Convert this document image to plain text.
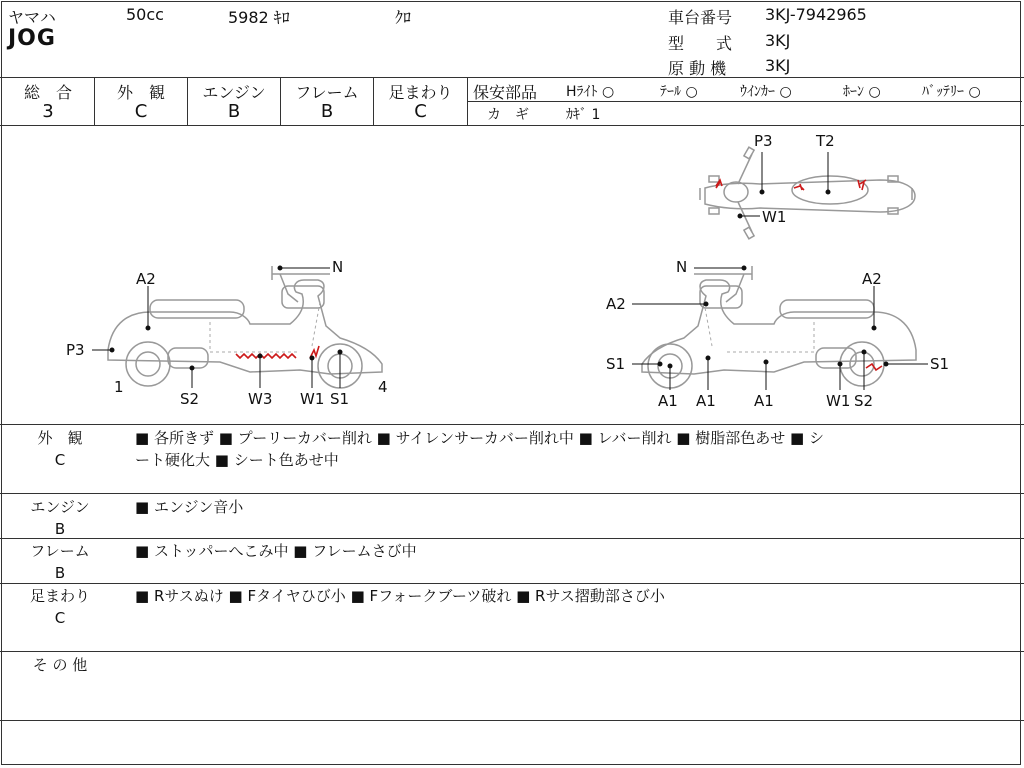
ヤマハ	50cc	5982 ｷﾛ	ｸﾛ
JOG
車台番号 3KJ-7942965
型　　式 3KJ
原 動 機 3KJ
総　合	外　観	エンジン	フレーム	足まわり
3	C	B	B	C
保安部品 Hﾗｲﾄ ○	ﾃｰﾙ ○	ｳｲﾝｶｰ ○	ﾎｰﾝ ○	ﾊﾞｯﾃﾘｰ ○
カ　ギ	ｶｷﾞ 1
P3	T2
W1
A2
N
P3
1
S2	W3 W1 S1
4
N
A2
A2
S1	S1
A1 A1	A1	W1 S2
外　観
C
■ 各所きず ■ プーリーカバー削れ ■ サイレンサーカバー削れ中 ■ レバー削れ ■ 樹脂部色あせ ■ シ
ート硬化大 ■ シート色あせ中
エンジン
B
■ エンジン音小
フレーム
B
■ ストッパーへこみ中 ■ フレームさび中
足まわり
C
■ Rサスぬけ ■ Fタイヤひび小 ■ Fフォークブーツ破れ ■ Rサス摺動部さび小
そ の 他
